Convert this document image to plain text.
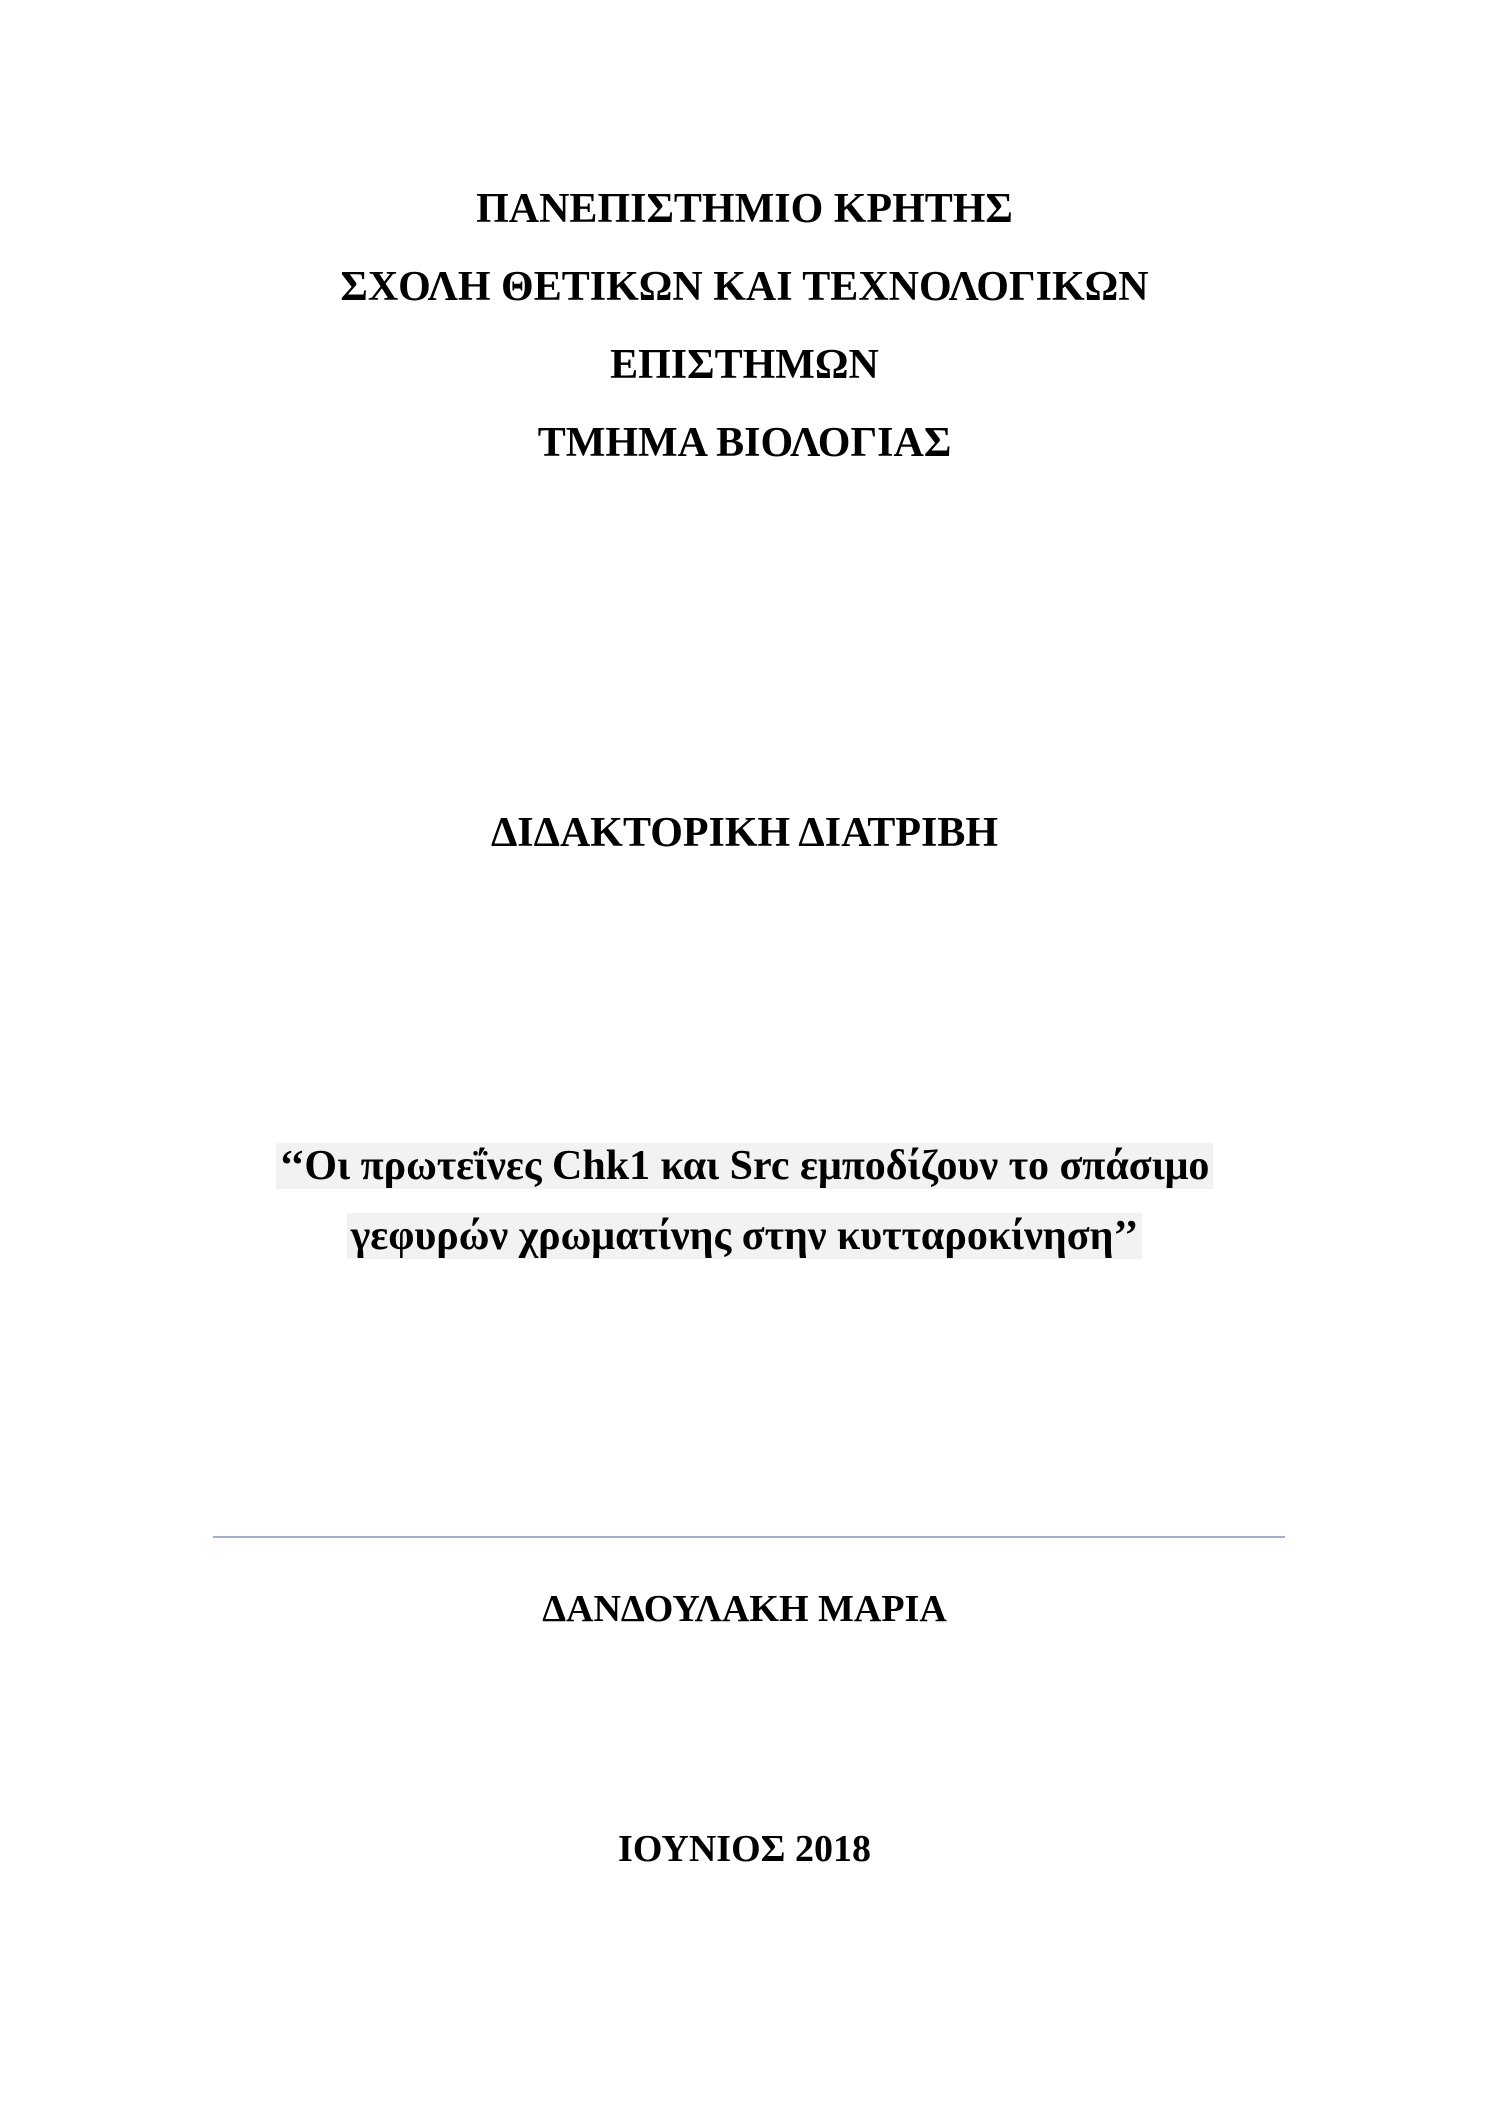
ΠΑΝΕΠΙΣΤΗΜΙΟ ΚΡΗΤΗΣ
ΣΧΟΛΗ ΘΕΤΙΚΩΝ ΚΑΙ ΤΕΧΝΟΛΟΓΙΚΩΝ
ΕΠΙΣΤΗΜΩΝ
ΤΜΗΜΑ ΒΙΟΛΟΓΙΑΣ
ΔΙΔΑΚΤΟΡΙΚΗ ΔΙΑΤΡΙΒΗ
‘‘Οι πρωτεΐνες Chk1 και Src εμποδίζουν το σπάσιμο
γεφυρών χρωματίνης στην κυτταροκίνηση’’
ΔΑΝΔΟΥΛΑΚΗ ΜΑΡΙΑ
ΙΟΥΝΙΟΣ 2018
